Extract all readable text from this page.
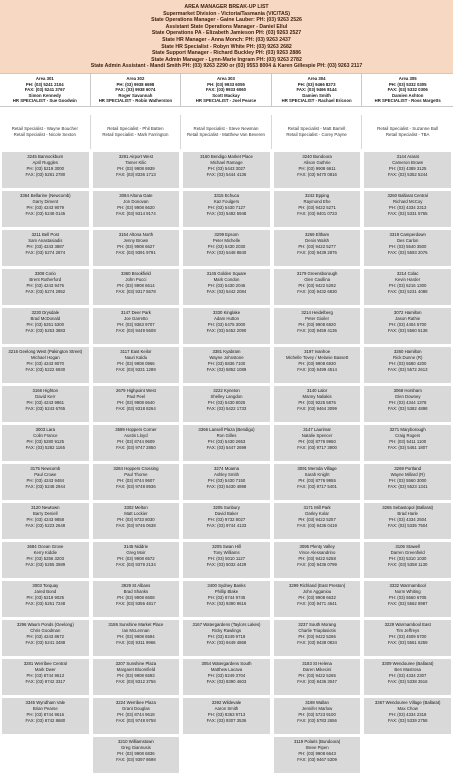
AREA MANAGER BREAK-UP LIST
Supermarket Division - Victoria/Tasmania (VIC/TAS)
State Operations Manager - Gaine Lauber: PH: (03) 9263 2526
Assistant State Operations Manager - Daniel Ellul
State Operations PA - Elizabeth Jamieson PH: (03) 9263 2527
State HR Manager - Anna Monch: PH: (03) 9263 2437
State HR Specialist - Robyn White PH: (03) 9263 2682
State Support Manager - Richard Buckley PH: (03) 9263 2886
State Admin Manager - Lynn-Marie Ingram PH: (03) 9263 2782
State Admin Assistant - Mandi Smith PH: (03) 9263 2290 or (03) 9553 8004 & Karen Gillespie PH: (03) 9263 2117
Area 301
PH: (03) 5241 2104
FAX: (03) 5241 3767
Simon Kennedy
HR SPECIALIST - Sue Goodwin
Area 302
PH: (03) 9938 6698
FAX: (03) 9938 6074
Roger Savannah
HR SPECIALIST - Robin Watherston
Area 303
PH: (03) 9933 6055
FAX: (03) 9933 6060
Scott Mackay
HR SPECIALIST - Joel Pearce
Area 304
PH: (03) 9466 8273
FAX: (03) 9466 8144
Damien Smith
HR SPECIALIST - Rachael Ericson
Area 305
PH: (03) 5332 0305
FAX: (03) 5332 0306
Damien Ashton
HR SPECIALIST - Ross Margetts
Retail Specialist - Wayne Boucher
Retail Specialist - Nicole Sexton
Retail Specialist - Phil Batten
Retail Specialist - Mark Farrington
Retail Specialist - Steve Newman
Retail Specialist - Matthew Van Beveren
Retail Specialist - Matt Barrell
Retail Specialist - Corey Payne
Retail Specialist - Suzanne Bull
Retail Specialist - TBA
3245 Bannockburn
April Ruggles
PH: (03) 5219 3000
FAX: (03) 5281 2780
3364 Bellarine (Newcomb)
Garry Diment
PH: (03) 4243 9079
FAX: (03) 5248 0145
3211 Bell Post
Sam Anastasiadis
PH: (03) 4243 3887
FAX: (03) 5274 2874
3308 Corio
Brent Rutherford
PH: (03) 4243 9476
FAX: (03) 5274 2952
3230 Drysdale
Brad McDonald
PH: (03) 5251 5300
FAX: (03) 5253 3883
3216 Geelong West (Pakington Street)
Michael Hogan
PH: (03) 4243 9070
FAX: (03) 5222 6930
3166 Highton
David Kerr
PH: (03) 4243 9861
FAX: (03) 5243 6765
3003 Lara
Colin France
PH: (03) 5280 9125
FAX: (03) 5282 1165
3175 Newcomb
Paul Crowe
PH: (03) 4243 9484
FAX: (03) 5248 2944
3120 Newtown
Barry Deniell
PH: (03) 4243 9858
FAX: (03) 5223 2648
3684 Ocean Grove
Kerry Kiddie
PH: (03) 5256 3203
FAX: (03) 5255 3589
3003 Torquay
Jared Bond
PH: (03) 5219 9025
FAX: (03) 5261 7248
3296 Waurn Ponds (Geelong)
Chris Goodman
PH: (03) 4243 8672
FAX: (03) 5241 3488
3281 Werribee Central
Mark Dwer
PH: (03) 8744 9613
FAX: (03) 9742 3317
3345 Wyndham Vale
Brian Pearse
PH: (03) 8744 9616
FAX: (03) 8742 8680
3291 Airport West
Tamer Kilic
PH: (03) 9908 6939
FAX: (03) 8336 1713
3084 Altona Gate
Jon Donovan
PH: (03) 9908 6620
FAX: (03) 9314 9174
3154 Altona North
Jenny Brown
PH: (03) 9908 6627
FAX: (03) 9391 9791
3360 Brookfield
John Pucci
PH: (03) 9908 6614
FAX: (03) 9317 5578
3147 Deer Park
Joe Garretto
PH: (03) 9363 9707
FAX: (03) 9449 5608
3117 East Keilor
Nauri Kaldu
PH: (03) 9908 0966
FAX: (03) 9331 1289
2679 Highpoint West
Paul Peel
PH: (03) 9908 6640
FAX: (03) 9318 8264
3589 Hoppers Corner
Austin Lloyd
PH: (03) 8744 9609
FAX: (03) 9747 2850
3284 Hoppers Crossing
Paul Thorne
PH: (03) 8744 9607
FAX: (03) 9748 8936
3302 Melton
Matt Lockier
PH: (03) 9733 8030
FAX: (03) 9746 0638
3145 Niddrie
Greg Moir
PH: (03) 9908 6572
FAX: (03) 9379 2134
3929 St Albans
Brad Shanks
PH: (03) 9908 6608
FAX: (03) 9356 4817
3186 Sunshine Market Place
Ian McLennan
PH: (03) 9908 6594
FAX: (03) 9311 9966
3207 Sunshine Plaza
Margaret Bloomfield
PH: (03) 9908 6593
FAX: (03) 9312 3756
3224 Werribee Plaza
Grant Douglas
PH: (03) 8744 9618
FAX: (03) 9748 9758
3210 Williamstown
Greg Giannusis
PH: (03) 9908 6836
FAX: (03) 9397 8698
3160 Bendigo Market Place
Michael Ramage
PH: (03) 5443 3027
FAX: (03) 5444 4136
3315 Echuca
Kaz Foulgers
PH: (03) 5430 7127
FAX: (03) 5482 5948
3299 Epsom
Peter Michelle
PH: (03) 5430 2030
FAX: (03) 5448 8840
3145 Golden Square
Mark Condon
PH: (03) 5430 2046
FAX: (03) 5442 2084
3330 Kinglake
Adam Hutton
PH: (03) 5475 3000
FAX: (03) 5452 2090
3381 Kyabram
Wayne Johnstone
PH: (03) 5836 7100
FAX: (03) 5852 1089
3222 Kyneton
Shelley Langdon
PH: (03) 5430 8025
FAX: (03) 5422 1733
3366 Lansell Plaza (Bendigo)
Ron Gilles
PH: (03) 5430 2653
FAX: (03) 5447 2699
3274 Moama
Ashley Smith
PH: (03) 5430 7150
FAX: (03) 5430 4898
3205 Sunbury
David Baker
PH: (03) 9732 8027
FAX: (03) 9744 4133
3205 Swan Hill
Tony Williams
PH: (03) 5010 1127
FAX: (03) 5032 4429
3400 Sydney Banks
Phillip Blake
PH: (03) 8744 9745
FAX: (03) 9390 9616
3167 Watergardens (Taylors Lakes)
Ricky Rawlings
PH: (03) 8249 9718
FAX: (03) 9449 4868
3054 Watergardens South
Matthew Lacava
PH: (03) 8249 3704
FAX: (03) 8390 4603
3392 Wildevale
Aaron Smith
PH: (03) 8363 9713
FAX: (03) 9307 3536
3240 Bundoora
Alison Guthrie
PH: (03) 9908 6611
FAX: (03) 9470 0816
3242 Epping
Raymond Ehe
PH: (03) 9422 5271
FAX: (03) 9401 0723
3269 Eltham
Denis Walsh
PH: (03) 9422 5277
FAX: (03) 9439 2876
3179 Greensborough
Glen Caullina
PH: (03) 9422 5292
FAX: (03) 9432 6830
3214 Heidelberg
Peter Gioiler
PH: (03) 9908 6920
FAX: (03) 9459 4136
3197 Ivanhoe
Michelle Tovey / Melanie Bassett
PH: (03) 9908 6930
FAX: (03) 9499 4514
3140 Lalor
Manny Naliakis
PH: (03) 9225 5876
FAX: (03) 9464 3099
3147 Laurimar
Natalie Spencer
PH: (03) 8776 9950
FAX: (03) 9717 3900
3091 Mernda Village
Sarah Knight
PH: (03) 8776 9955
FAX: (03) 9717 5401
3171 Mill Park
Darley Kolar
PH: (03) 9422 5257
FAX: (03) 9436 0419
3095 Plenty Valley
Vince Alessandrino
PH: (03) 9422 5258
FAX: (03) 9436 0799
3299 Richland (East Preston)
John Agganiou
PH: (03) 9908 6632
FAX: (03) 9471 4641
3237 South Morang
Charlie Triaplasiotis
PH: (03) 9422 5266
FAX: (03) 9438 0834
3183 St Helena
Daren Mikecini
PH: (03) 9422 5265
FAX: (03) 8436 3047
3198 Wallan
Jennifer Marlow
PH: (03) 5723 9100
FAX: (03) 5783 2656
3119 Polaris (Bundoora)
Steve Pipen
PH: (03) 9908 6643
FAX: (03) 9467 5309
3144 Ararat
Cameron Brown
PH: (03) 4389 3125
FAX: (03) 5352 5244
3260 Ballarat Central
Richard McCoy
PH: (03) 4334 2313
FAX: (03) 5331 5765
3319 Camperdown
Des Carlon
PH: (03) 5540 3500
FAX: (03) 5593 2076
3214 Colac
Kevin Harder
PH: (03) 5216 1300
FAX: (03) 5231 4088
3072 Hamilton
Jason Rathie
PH: (03) 4404 5700
FAX: (03) 5560 5138
3260 Hamilton
Rick Dunne (R)
PH: (03) 5580 4200
FAX: (03) 5572 2613
3068 Horsham
Glen Downey
PH: (03) 4344 1378
FAX: (03) 5382 4898
3271 Maryborough
Craig Rogers
PH: (03) 5411 1100
FAX: (03) 5461 1807
3269 Portland
Wayne Millard (R)
PH: (03) 5560 3000
FAX: (03) 5523 1341
3265 Sebastopol (Ballarat)
Brad Harle
PH: (03) 4334 2504
FAX: (03) 5335 7504
3106 Stawell
Darren Greenfield
PH: (03) 5310 1030
FAX: (03) 5358 1130
3332 Warrnambool
Norm Whiting
PH: (03) 5560 6705
FAX: (03) 5562 8987
3229 Warrnambool East
Tim Jeffreys
PH: (03) 4509 5700
FAX: (03) 5561 6259
3309 Wendouree (Ballarat)
Ben Mastrosa
PH: (03) 4334 2307
FAX: (03) 5338 3516
3367 Wendouree Village (Ballarat)
Max Chow
PH: (03) 4334 2318
FAX: (03) 5339 2758
